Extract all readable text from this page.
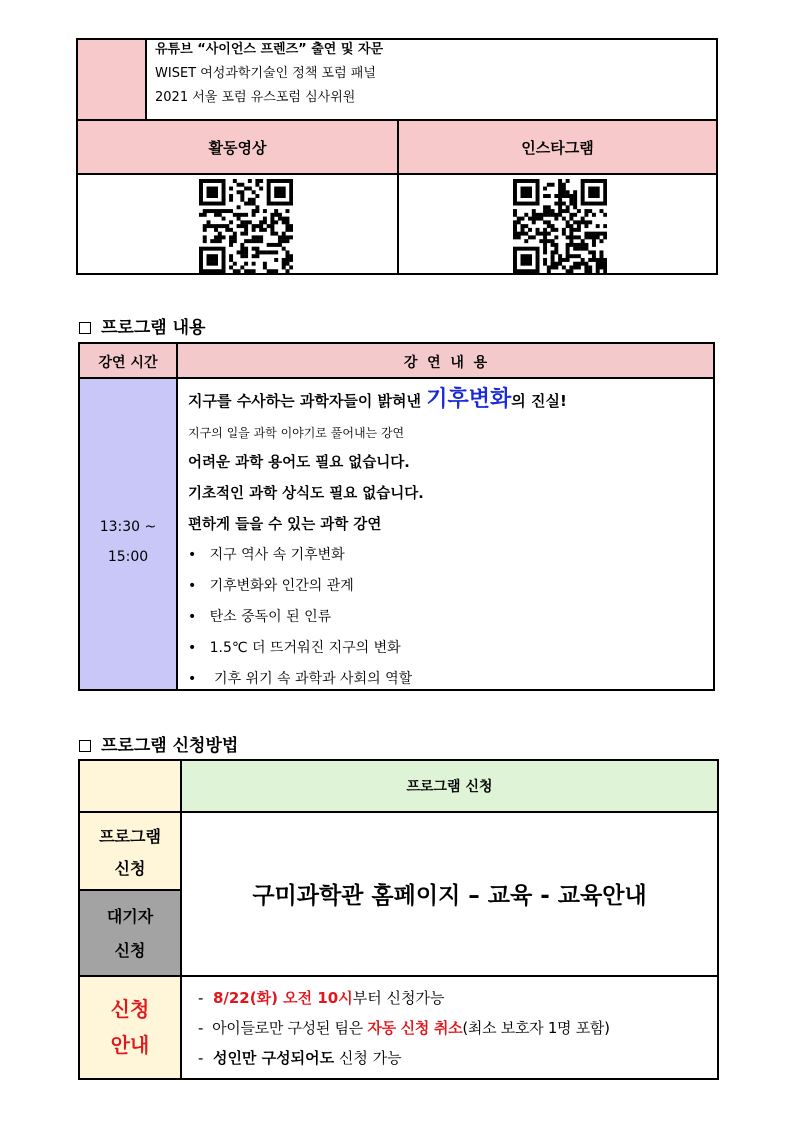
유튜브 “사이언스 프렌즈” 출연 및 자문
WISET 여성과학기술인 정책 포럼 패널
2021 서울 포럼 유스포럼 심사위원
활동영상	인스타그램
프로그램 내용
강연 시간	강  연  내  용
13:30 ~
15:00
지구를 수사하는 과학자들이 밝혀낸 기후변화의 진실!
지구의 일을 과학 이야기로 풀어내는 강연
어려운 과학 용어도 필요 없습니다.
기초적인 과학 상식도 필요 없습니다.
편하게 들을 수 있는 과학 강연
•   지구 역사 속 기후변화
•   기후변화와 인간의 관계
•   탄소 중독이 된 인류
•   1.5℃ 더 뜨거워진 지구의 변화
•    기후 위기 속 과학과 사회의 역할
프로그램 신청방법
프로그램 신청
프로그램
신청
대기자
신청
구미과학관 홈페이지 – 교육 - 교육안내
신청
안내
-  8/22(화) 오전 10시부터 신청가능
-  아이들로만 구성된 팀은 자동 신청 취소(최소 보호자 1명 포함)
-  성인만 구성되어도 신청 가능
